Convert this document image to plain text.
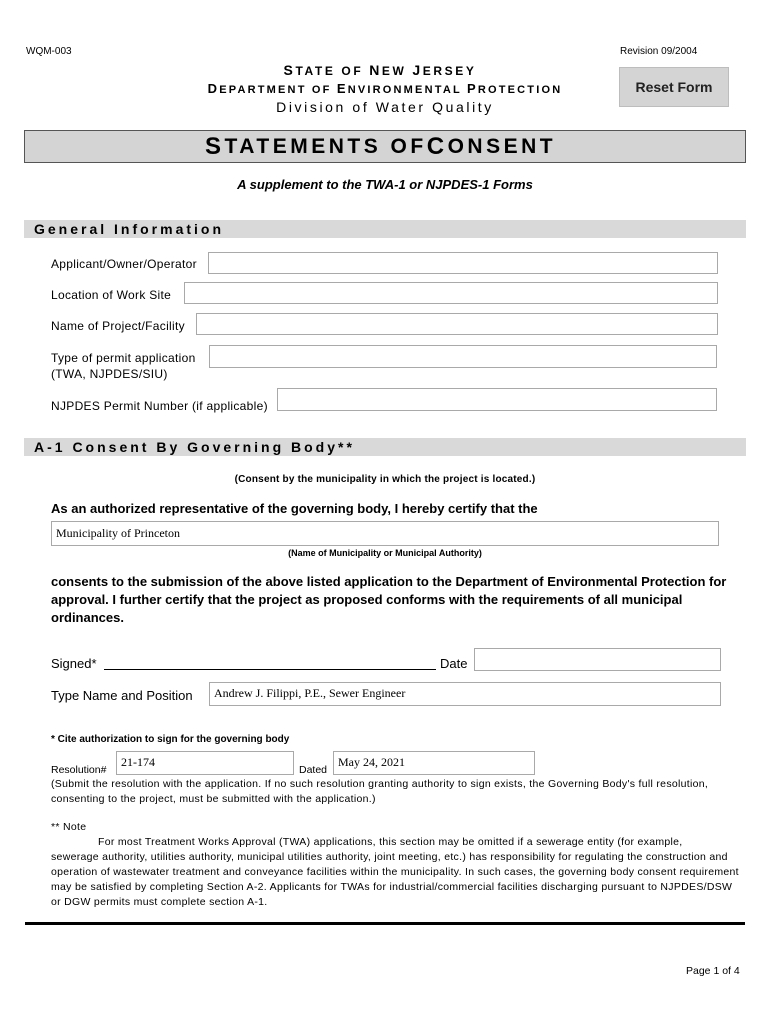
WQM-003	Revision 09/2004
STATE OF NEW JERSEY
DEPARTMENT OF ENVIRONMENTAL PROTECTION
Division of Water Quality
Reset Form
S TATEMENTS OF C ONSENT
A supplement to the TWA-1 or NJPDES-1 Forms
General Information
Applicant/Owner/Operator
Location of Work Site
Name of Project/Facility
Type of permit application
(TWA, NJPDES/SIU)
NJPDES Permit Number (if applicable)
A-1 Consent By Governing Body**
(Consent by the municipality in which the project is located.)
As an authorized representative of the governing body, I hereby certify that the
Municipality of Princeton
(Name of Municipality or Municipal Authority)
consents to the submission of the above listed application to the Department of Environmental Protection for approval. I further certify that the project as proposed conforms with the requirements of all municipal ordinances.
Signed*	Date
Type Name and Position	Andrew J. Filippi, P.E., Sewer Engineer
* Cite authorization to sign for the governing body
Resolution#
21-174
Dated
May 24, 2021
(Submit the resolution with the application. If no such resolution granting authority to sign exists, the Governing Body's full resolution, consenting to the project, must be submitted with the application.)
** Note
For most Treatment Works Approval (TWA) applications, this section may be omitted if a sewerage entity (for example,
sewerage authority, utilities authority, municipal utilities authority, joint meeting, etc.) has responsibility for regulating the construction and operation of wastewater treatment and conveyance facilities within the municipality. In such cases, the governing body consent requirement may be satisfied by completing Section A-2. Applicants for TWAs for industrial/commercial facilities discharging pursuant to NJPDES/DSW or DGW permits must complete section A-1.
Page 1 of 4
